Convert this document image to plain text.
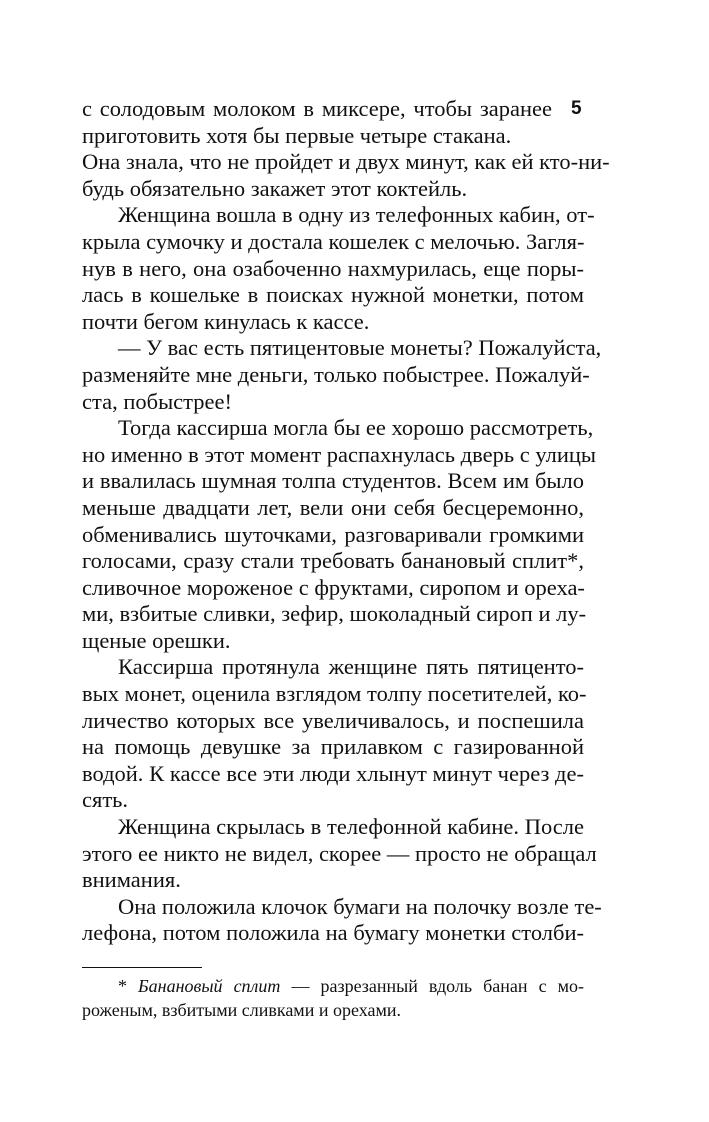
5
с солодовым молоком в миксере, чтобы заранее
приготовить хотя бы первые четыре стакана.
Она знала, что не пройдет и двух минут, как ей кто-ни-
будь обязательно закажет этот коктейль.
Женщина вошла в одну из телефонных кабин, от-
крыла сумочку и достала кошелек с мелочью. Загля-
нув в него, она озабоченно нахмурилась, еще поры-
лась в кошельке в поисках нужной монетки, потом
почти бегом кинулась к кассе.
— У вас есть пятицентовые монеты? Пожалуйста,
разменяйте мне деньги, только побыстрее. Пожалуй-
ста, побыстрее!
Тогда кассирша могла бы ее хорошо рассмотреть,
но именно в этот момент распахнулась дверь с улицы
и ввалилась шумная толпа студентов. Всем им было
меньше двадцати лет, вели они себя бесцеремонно,
обменивались шуточками, разговаривали громкими
голосами, сразу стали требовать банановый сплит*,
сливочное мороженое с фруктами, сиропом и ореха-
ми, взбитые сливки, зефир, шоколадный сироп и лу-
щеные орешки.
Кассирша протянула женщине пять пятиценто-
вых монет, оценила взглядом толпу посетителей, ко-
личество которых все увеличивалось, и поспешила
на помощь девушке за прилавком с газированной
водой. К кассе все эти люди хлынут минут через де-
сять.
Женщина скрылась в телефонной кабине. После
этого ее никто не видел, скорее — просто не обращал
внимания.
Она положила клочок бумаги на полочку возле те-
лефона, потом положила на бумагу монетки столби-
* Банановый сплит — разрезанный вдоль банан с мо-
роженым, взбитыми сливками и орехами.
